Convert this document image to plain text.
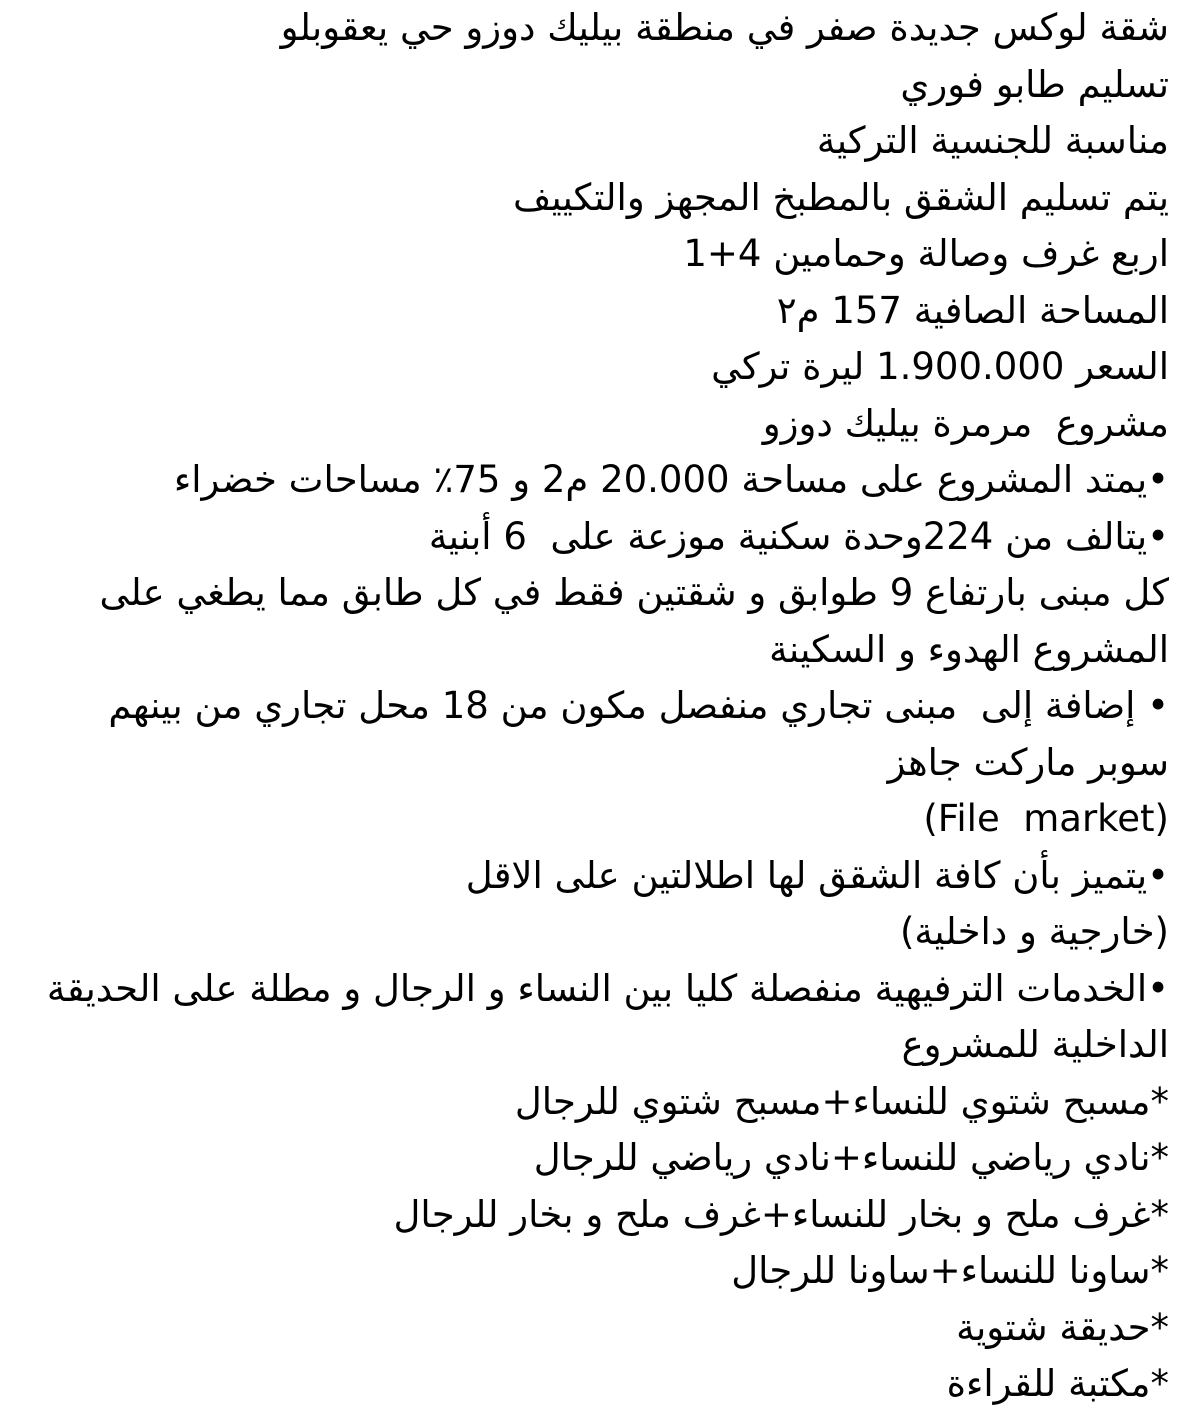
شقة لوكس جديدة صفر في منطقة بيليك دوزو حي يعقوبلو

تسليم طابو فوري

مناسبة للجنسية التركية

يتم تسليم الشقق بالمطبخ المجهز والتكييف

اربع غرف وصالة وحمامين 4+1

المساحة الصافية 157 م٢

السعر 1.900.000 ليرة تركي

مشروع  مرمرة بيليك دوزو

•يمتد المشروع على مساحة 20.000 م2 و 75٪ مساحات خضراء

•يتالف من 224وحدة سكنية موزعة على  6 أبنية

كل مبنى بارتفاع 9 طوابق و شقتين فقط في كل طابق مما يطغي على المشروع الهدوء و السكينة

• إضافة إلى  مبنى تجاري منفصل مكون من 18 محل تجاري من بينهم سوبر ماركت جاهز

(File  market)

•يتميز بأن كافة الشقق لها اطلالتين على الاقل

(خارجية و داخلية)

•الخدمات الترفيهية منفصلة كليا بين النساء و الرجال و مطلة على الحديقة الداخلية للمشروع

*مسبح شتوي للنساء+مسبح شتوي للرجال

*نادي رياضي للنساء+نادي رياضي للرجال

*غرف ملح و بخار للنساء+غرف ملح و بخار للرجال

*ساونا للنساء+ساونا للرجال

*حديقة شتوية

*مكتبة للقراءة
